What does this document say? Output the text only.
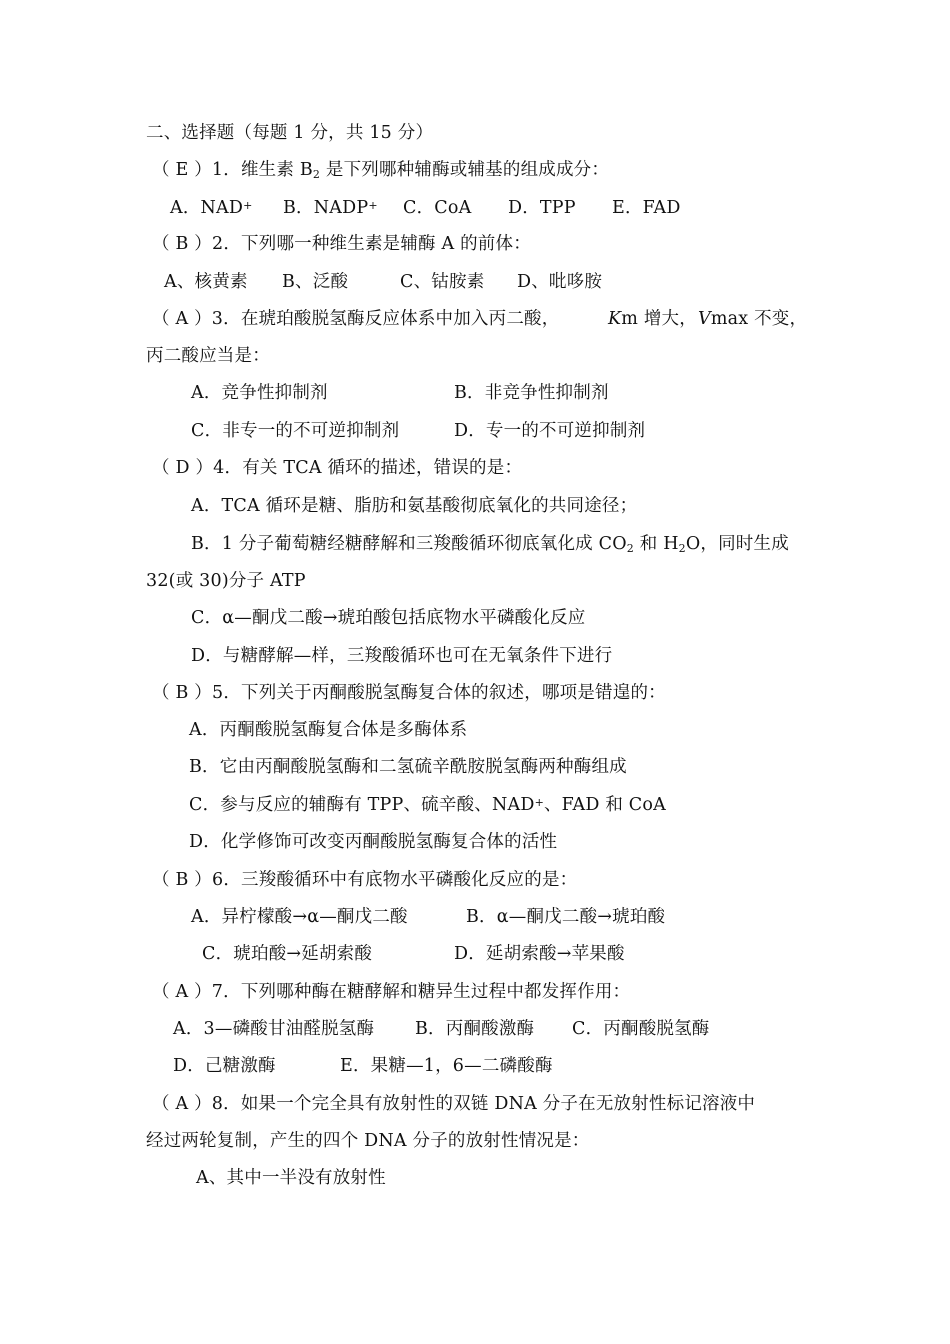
二、选择题（每题 1 分，共 15 分）
（ E ）1．维生素 $B_2$ 是下列哪种辅酶或辅基的组成成分：
A．NAD+ B．NADP+ C．CoA D．TPP E．FAD
（ B ）2．下列哪一种维生素是辅酶 A 的前体：
A、核黄素 B、泛酸	C、钴胺素 D、吡哆胺
（ A ）3．在琥珀酸脱氢酶反应体系中加入丙二酸，	Km 增大， Vmax 不变，
丙二酸应当是：
A．竞争性抑制剂	B．非竞争性抑制剂
C．非专一的不可逆抑制剂	D．专一的不可逆抑制剂
（ D ）4．有关 TCA 循环的描述，错误的是：
A．TCA 循环是糖、脂肪和氨基酸彻底氧化的共同途径；
B．1 分子葡萄糖经糖酵解和三羧酸循环彻底氧化成 $CO_2$ 和 $H_2O$，同时生成
32(或 30)分子 ATP
C．α—酮戊二酸→琥珀酸包括底物水平磷酸化反应
D．与糖酵解—样，三羧酸循环也可在无氧条件下进行
（ B ）5．下列关于丙酮酸脱氢酶复合体的叙述，哪项是错遑的：
A．丙酮酸脱氢酶复合体是多酶体系
B．它由丙酮酸脱氢酶和二氢硫辛酰胺脱氢酶两种酶组成
C．参与反应的辅酶有 TPP、硫辛酸、NAD+、FAD 和 CoA
D．化学修饰可改变丙酮酸脱氢酶复合体的活性
（ B ）6．三羧酸循环中有底物水平磷酸化反应的是：
A．异柠檬酸→α—酮戊二酸	B．α—酮戊二酸→琥珀酸
C．琥珀酸→延胡索酸	D．延胡索酸→苹果酸
（ A ）7．下列哪种酶在糖酵解和糖异生过程中都发挥作用：
A．3—磷酸甘油醛脱氢酶 B．丙酮酸激酶 C．丙酮酸脱氢酶
D．己糖激酶	E．果糖—1，6—二磷酸酶
（ A ）8．如果一个完全具有放射性的双链 DNA 分子在无放射性标记溶液中
经过两轮复制，产生的四个 DNA 分子的放射性情况是：
A、其中一半没有放射性
